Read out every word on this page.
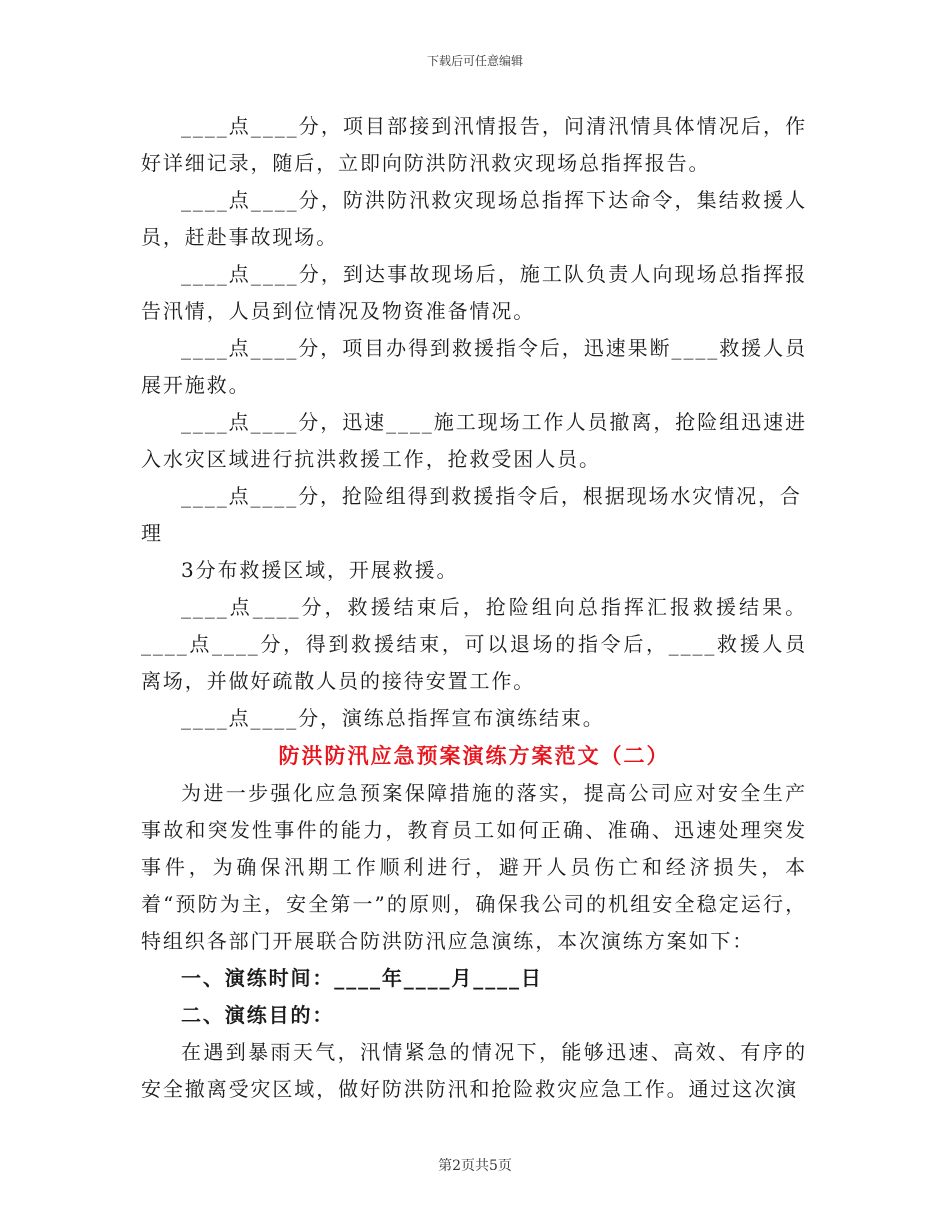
下载后可任意编辑

____点____分，项目部接到汛情报告，问清汛情具体情况后，作好详细记录，随后，立即向防洪防汛救灾现场总指挥报告。

____点____分，防洪防汛救灾现场总指挥下达命令，集结救援人员，赶赴事故现场。

____点____分，到达事故现场后，施工队负责人向现场总指挥报告汛情，人员到位情况及物资准备情况。

____点____分，项目办得到救援指令后，迅速果断____救援人员展开施救。

____点____分，迅速____施工现场工作人员撤离，抢险组迅速进入水灾区域进行抗洪救援工作，抢救受困人员。

____点____分，抢险组得到救援指令后，根据现场水灾情况，合

理

3分布救援区域，开展救援。

____点____分，救援结束后，抢险组向总指挥汇报救援结果。____点____分，得到救援结束，可以退场的指令后，____救援人员离场，并做好疏散人员的接待安置工作。

____点____分，演练总指挥宣布演练结束。

防洪防汛应急预案演练方案范文（二）

为进一步强化应急预案保障措施的落实，提高公司应对安全生产事故和突发性事件的能力，教育员工如何正确、准确、迅速处理突发事件，为确保汛期工作顺利进行，避开人员伤亡和经济损失，本着“预防为主，安全第一”的原则，确保我公司的机组安全稳定运行，特组织各部门开展联合防洪防汛应急演练，本次演练方案如下：

一、演练时间：____年____月____日

二、演练目的：

在遇到暴雨天气，汛情紧急的情况下，能够迅速、高效、有序的安全撤离受灾区域，做好防洪防汛和抢险救灾应急工作。通过这次演

第2页共5页
